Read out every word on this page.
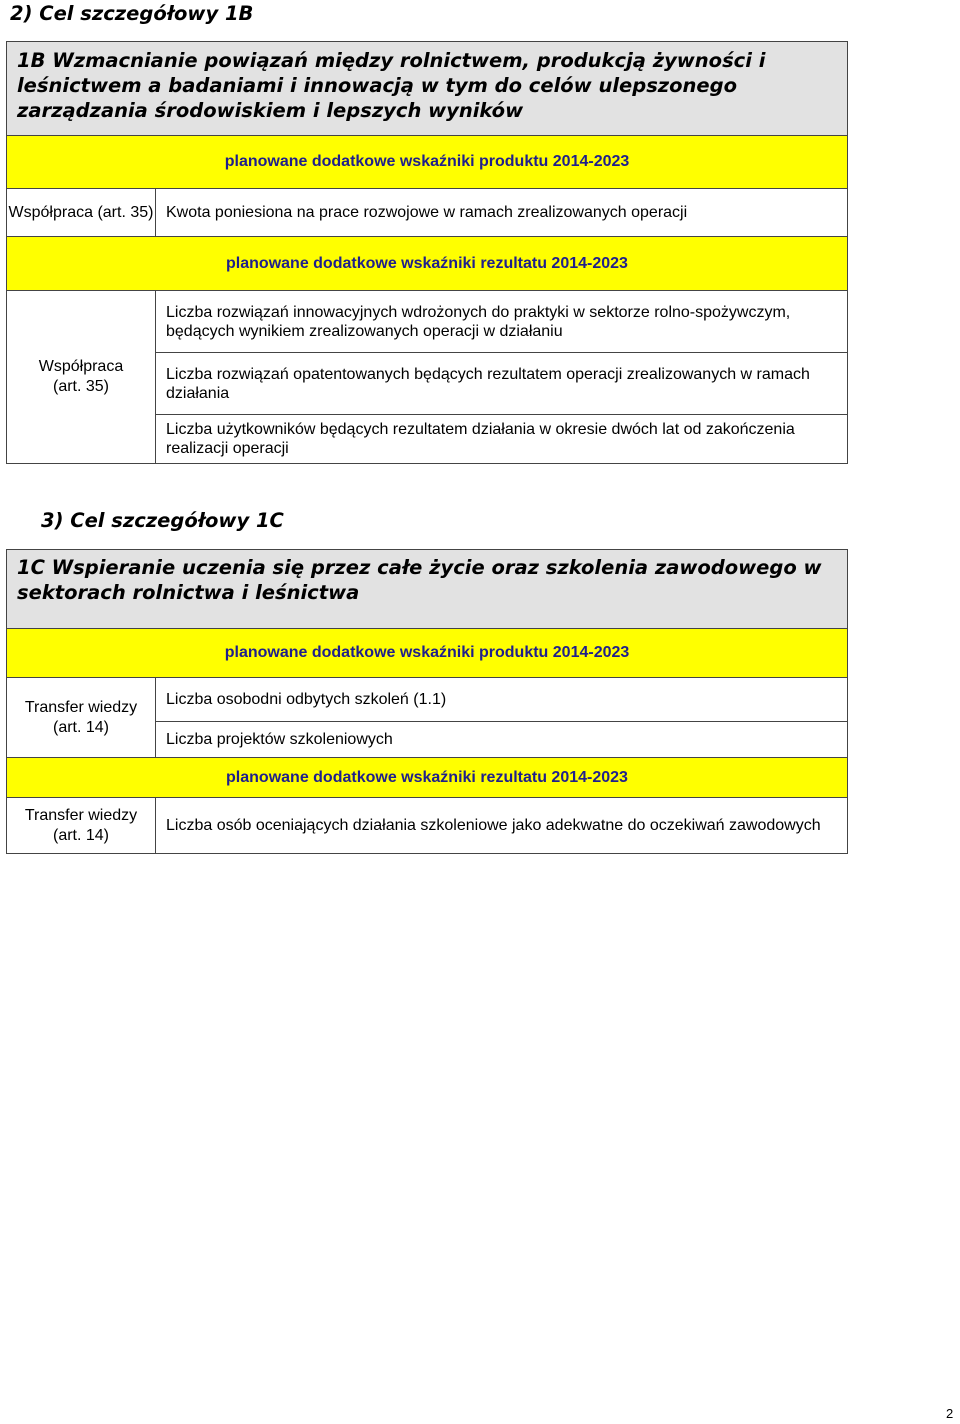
2) Cel szczegółowy 1B
1B Wzmacnianie powiązań między rolnictwem, produkcją żywności i leśnictwem a badaniami i innowacją w tym do celów ulepszonego zarządzania środowiskiem i lepszych wyników	
planowane dodatkowe wskaźniki produktu 2014-2023	
Współpraca (art. 35)	Kwota poniesiona na prace rozwojowe w ramach zrealizowanych operacji
planowane dodatkowe wskaźniki rezultatu 2014-2023	
Współpraca (art. 35)	Liczba rozwiązań innowacyjnych wdrożonych do praktyki w sektorze rolno-spożywczym, będących wynikiem zrealizowanych operacji w działaniu
	Liczba rozwiązań opatentowanych będących rezultatem operacji zrealizowanych w ramach działania
	Liczba użytkowników będących rezultatem działania w okresie dwóch lat od zakończenia realizacji operacji
3) Cel szczegółowy 1C
1C Wspieranie uczenia się przez całe życie oraz szkolenia zawodowego w sektorach rolnictwa i leśnictwa	
planowane dodatkowe wskaźniki produktu 2014-2023	
Transfer wiedzy (art. 14)	Liczba osobodni odbytych szkoleń (1.1)
	Liczba projektów szkoleniowych
planowane dodatkowe wskaźniki rezultatu 2014-2023	
Transfer wiedzy (art. 14)	Liczba osób oceniających działania szkoleniowe jako adekwatne do oczekiwań zawodowych
2
